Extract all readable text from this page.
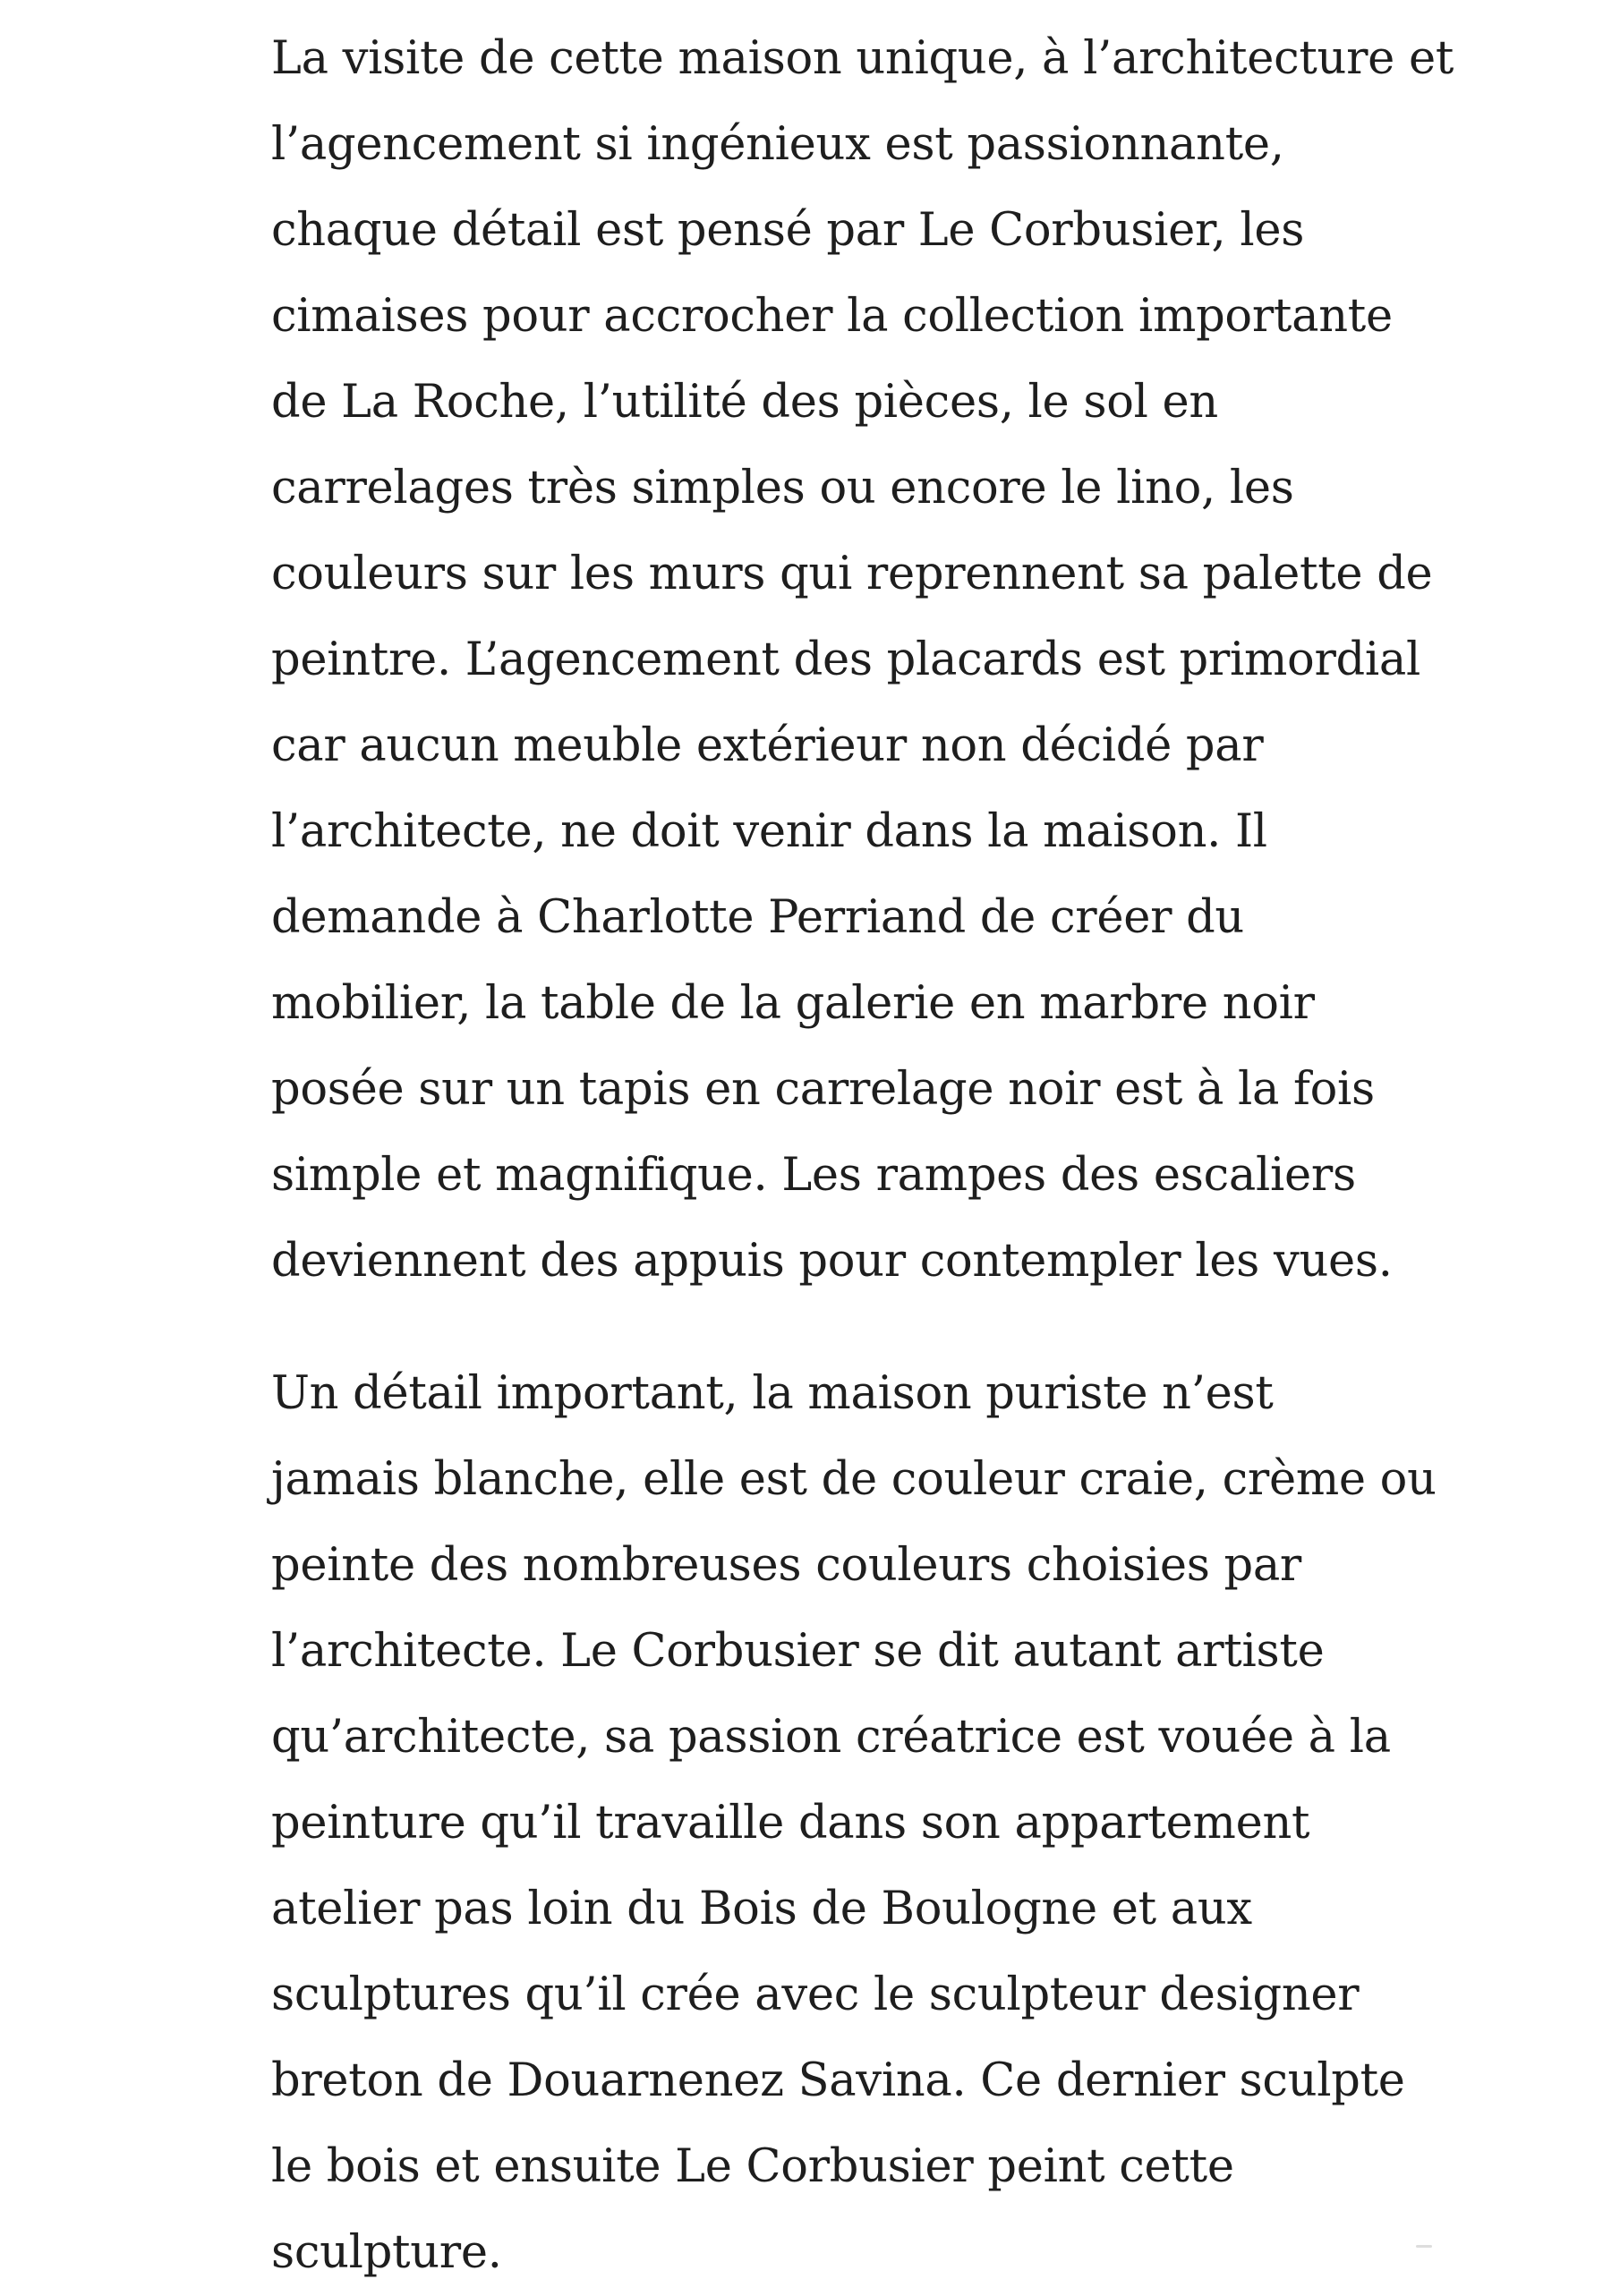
La visite de cette maison unique, à l’architecture et
l’agencement si ingénieux est passionnante,
chaque détail est pensé par Le Corbusier, les
cimaises pour accrocher la collection importante
de La Roche, l’utilité des pièces, le sol en
carrelages très simples ou encore le lino, les
couleurs sur les murs qui reprennent sa palette de
peintre. L’agencement des placards est primordial
car aucun meuble extérieur non décidé par
l’architecte, ne doit venir dans la maison. Il
demande à Charlotte Perriand de créer du
mobilier, la table de la galerie en marbre noir
posée sur un tapis en carrelage noir est à la fois
simple et magnifique. Les rampes des escaliers
deviennent des appuis pour contempler les vues.

Un détail important, la maison puriste n’est
jamais blanche, elle est de couleur craie, crème ou
peinte des nombreuses couleurs choisies par
l’architecte. Le Corbusier se dit autant artiste
qu’architecte, sa passion créatrice est vouée à la
peinture qu’il travaille dans son appartement
atelier pas loin du Bois de Boulogne et aux
sculptures qu’il crée avec le sculpteur designer
breton de Douarnenez Savina. Ce dernier sculpte
le bois et ensuite Le Corbusier peint cette
sculpture.
